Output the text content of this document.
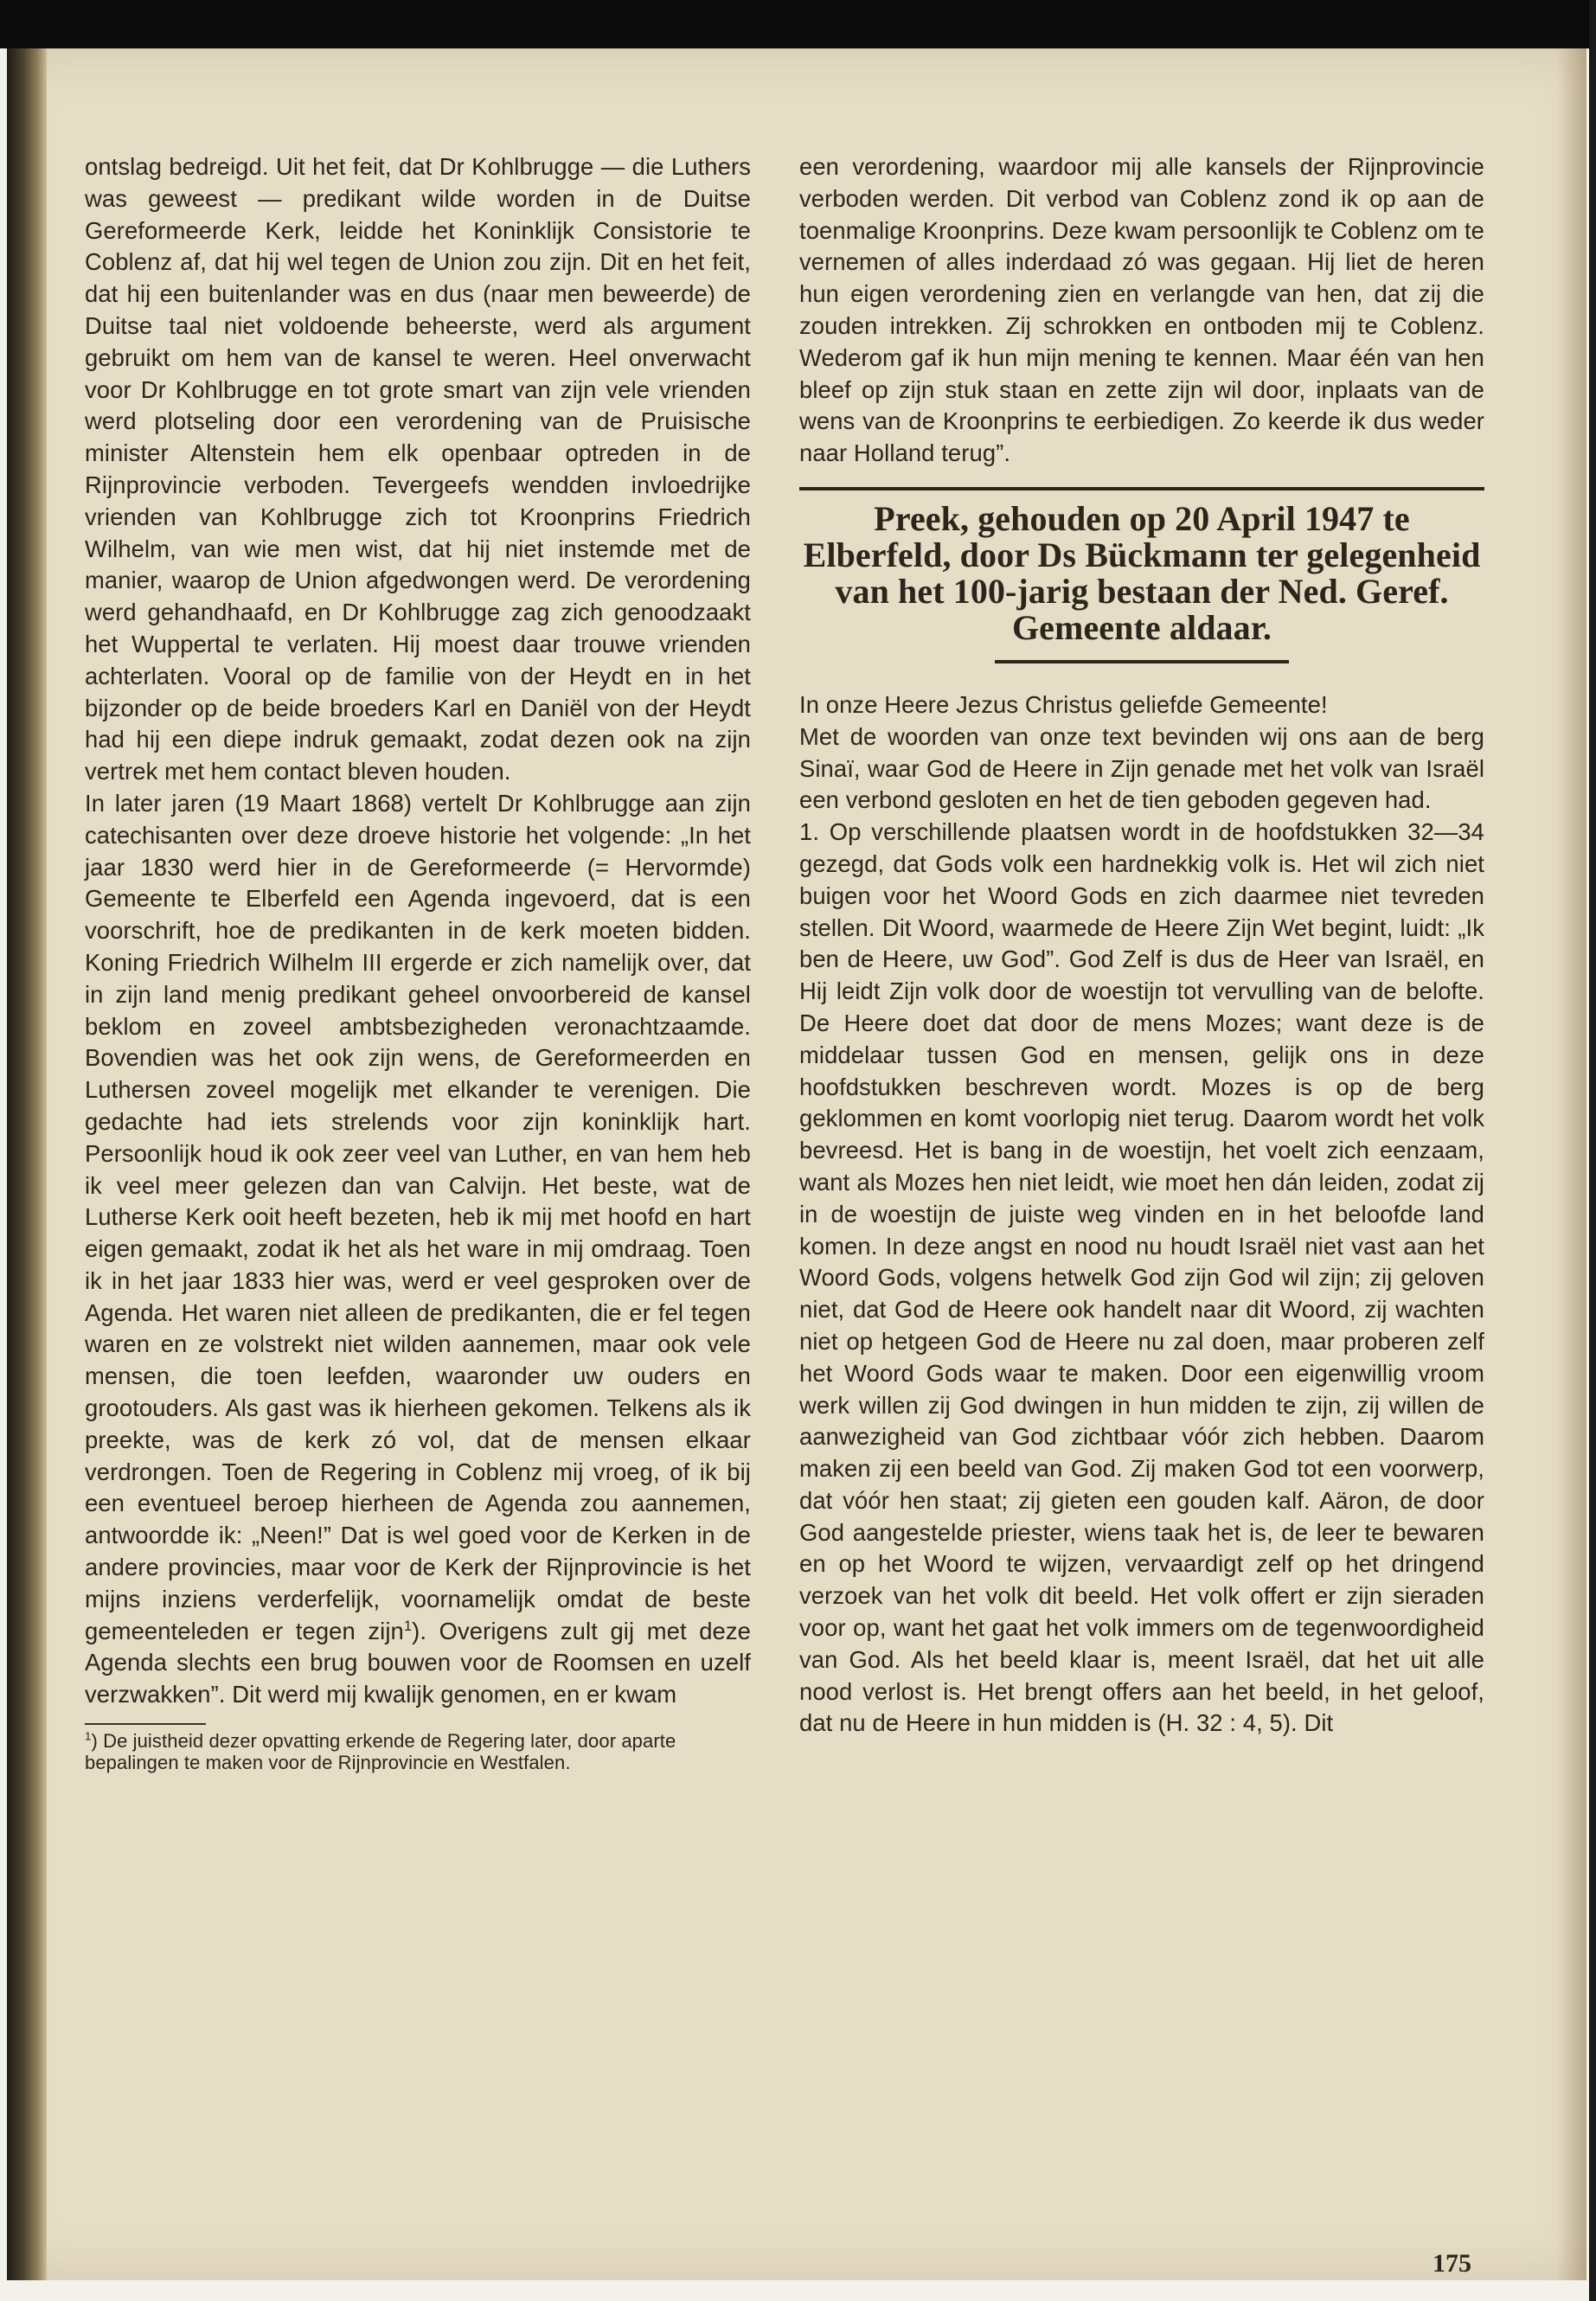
ontslag bedreigd. Uit het feit, dat Dr Kohlbrugge — die Luthers was geweest — predikant wilde worden in de Duitse Gereformeerde Kerk, leidde het Koninklijk Consistorie te Coblenz af, dat hij wel tegen de Union zou zijn. Dit en het feit, dat hij een buitenlander was en dus (naar men beweerde) de Duitse taal niet voldoende beheerste, werd als argument gebruikt om hem van de kansel te weren. Heel onverwacht voor Dr Kohlbrugge en tot grote smart van zijn vele vrienden werd plotseling door een verordening van de Pruisische minister Altenstein hem elk openbaar optreden in de Rijnprovincie verboden. Tevergeefs wendden invloedrijke vrienden van Kohlbrugge zich tot Kroonprins Friedrich Wilhelm, van wie men wist, dat hij niet instemde met de manier, waarop de Union afgedwongen werd. De verordening werd gehandhaafd, en Dr Kohlbrugge zag zich genoodzaakt het Wuppertal te verlaten. Hij moest daar trouwe vrienden achterlaten. Vooral op de familie von der Heydt en in het bijzonder op de beide broeders Karl en Daniël von der Heydt had hij een diepe indruk gemaakt, zodat dezen ook na zijn vertrek met hem contact bleven houden.

In later jaren (19 Maart 1868) vertelt Dr Kohlbrugge aan zijn catechisanten over deze droeve historie het volgende: „In het jaar 1830 werd hier in de Gereformeerde (= Hervormde) Gemeente te Elberfeld een Agenda ingevoerd, dat is een voorschrift, hoe de predikanten in de kerk moeten bidden. Koning Friedrich Wilhelm III ergerde er zich namelijk over, dat in zijn land menig predikant geheel onvoorbereid de kansel beklom en zoveel ambtsbezigheden veronachtzaamde. Bovendien was het ook zijn wens, de Gereformeerden en Luthersen zoveel mogelijk met elkander te verenigen. Die gedachte had iets strelends voor zijn koninklijk hart. Persoonlijk houd ik ook zeer veel van Luther, en van hem heb ik veel meer gelezen dan van Calvijn. Het beste, wat de Lutherse Kerk ooit heeft bezeten, heb ik mij met hoofd en hart eigen gemaakt, zodat ik het als het ware in mij omdraag. Toen ik in het jaar 1833 hier was, werd er veel gesproken over de Agenda. Het waren niet alleen de predikanten, die er fel tegen waren en ze volstrekt niet wilden aannemen, maar ook vele mensen, die toen leefden, waaronder uw ouders en grootouders. Als gast was ik hierheen gekomen. Telkens als ik preekte, was de kerk zó vol, dat de mensen elkaar verdrongen. Toen de Regering in Coblenz mij vroeg, of ik bij een eventueel beroep hierheen de Agenda zou aannemen, antwoordde ik: „Neen!” Dat is wel goed voor de Kerken in de andere provincies, maar voor de Kerk der Rijnprovincie is het mijns inziens verderfelijk, voornamelijk omdat de beste gemeenteleden er tegen zijn$^1$). Overigens zult gij met deze Agenda slechts een brug bouwen voor de Roomsen en uzelf verzwakken”. Dit werd mij kwalijk genomen, en er kwam

$^1$) De juistheid dezer opvatting erkende de Regering later, door aparte bepalingen te maken voor de Rijnprovincie en Westfalen.

een verordening, waardoor mij alle kansels der Rijnprovincie verboden werden. Dit verbod van Coblenz zond ik op aan de toenmalige Kroonprins. Deze kwam persoonlijk te Coblenz om te vernemen of alles inderdaad zó was gegaan. Hij liet de heren hun eigen verordening zien en verlangde van hen, dat zij die zouden intrekken. Zij schrokken en ontboden mij te Coblenz. Wederom gaf ik hun mijn mening te kennen. Maar één van hen bleef op zijn stuk staan en zette zijn wil door, inplaats van de wens van de Kroonprins te eerbiedigen. Zo keerde ik dus weder naar Holland terug”.

Preek, gehouden op 20 April 1947 te Elberfeld, door Ds Bückmann ter gelegenheid van het 100-jarig bestaan der Ned. Geref. Gemeente aldaar.

In onze Heere Jezus Christus geliefde Gemeente!

Met de woorden van onze text bevinden wij ons aan de berg Sinaï, waar God de Heere in Zijn genade met het volk van Israël een verbond gesloten en het de tien geboden gegeven had.

1. Op verschillende plaatsen wordt in de hoofdstukken 32—34 gezegd, dat Gods volk een hardnekkig volk is. Het wil zich niet buigen voor het Woord Gods en zich daarmee niet tevreden stellen. Dit Woord, waarmede de Heere Zijn Wet begint, luidt: „Ik ben de Heere, uw God”. God Zelf is dus de Heer van Israël, en Hij leidt Zijn volk door de woestijn tot vervulling van de belofte. De Heere doet dat door de mens Mozes; want deze is de middelaar tussen God en mensen, gelijk ons in deze hoofdstukken beschreven wordt. Mozes is op de berg geklommen en komt voorlopig niet terug. Daarom wordt het volk bevreesd. Het is bang in de woestijn, het voelt zich eenzaam, want als Mozes hen niet leidt, wie moet hen dán leiden, zodat zij in de woestijn de juiste weg vinden en in het beloofde land komen. In deze angst en nood nu houdt Israël niet vast aan het Woord Gods, volgens hetwelk God zijn God wil zijn; zij geloven niet, dat God de Heere ook handelt naar dit Woord, zij wachten niet op hetgeen God de Heere nu zal doen, maar proberen zelf het Woord Gods waar te maken. Door een eigenwillig vroom werk willen zij God dwingen in hun midden te zijn, zij willen de aanwezigheid van God zichtbaar vóór zich hebben. Daarom maken zij een beeld van God. Zij maken God tot een voorwerp, dat vóór hen staat; zij gieten een gouden kalf. Aäron, de door God aangestelde priester, wiens taak het is, de leer te bewaren en op het Woord te wijzen, vervaardigt zelf op het dringend verzoek van het volk dit beeld. Het volk offert er zijn sieraden voor op, want het gaat het volk immers om de tegenwoordigheid van God. Als het beeld klaar is, meent Israël, dat het uit alle nood verlost is. Het brengt offers aan het beeld, in het geloof, dat nu de Heere in hun midden is (H. 32 : 4, 5). Dit

175
